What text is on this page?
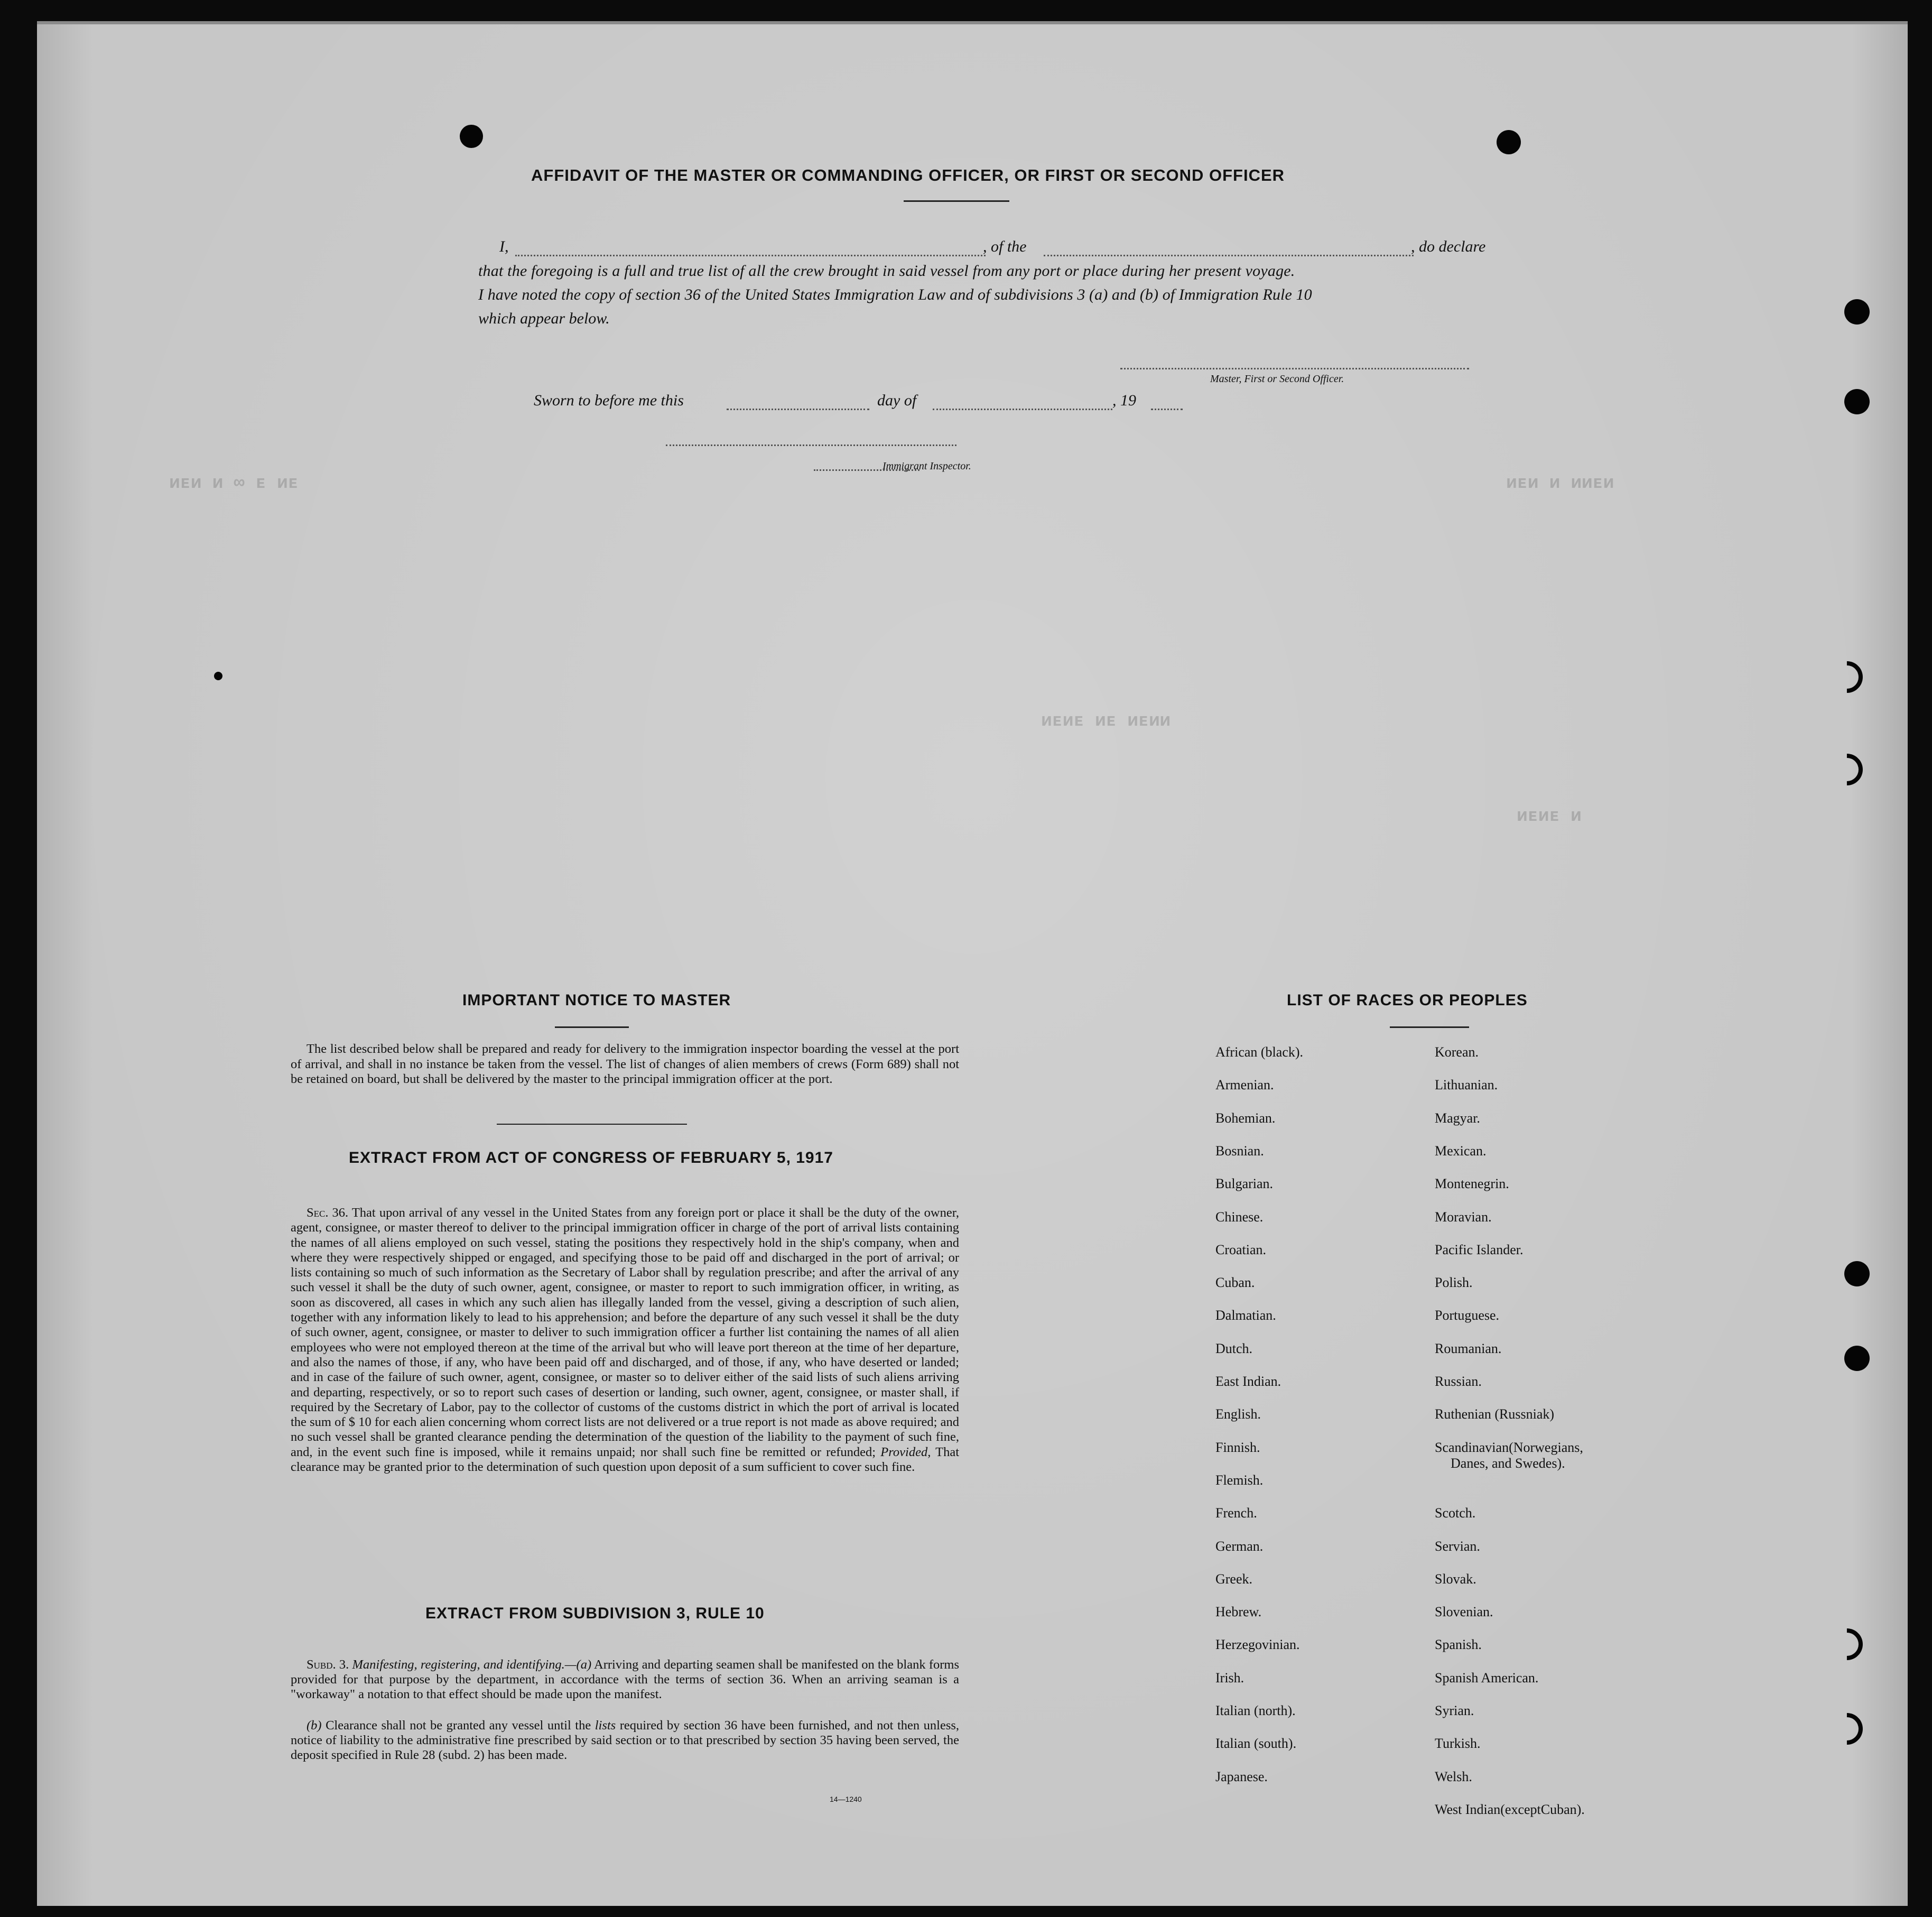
ᴎᴇᴎ ᴎ ∞ ᴇ ᴎᴇ	ᴎᴇᴎ ᴎ ᴎᴎᴇᴎ
ᴎᴇᴎᴇ ᴎᴇ ᴎᴇᴎᴎ
ᴎᴇᴎᴇ ᴎ
AFFIDAVIT OF THE MASTER OR COMMANDING OFFICER, OR FIRST OR SECOND OFFICER
I,	, of the	, do declare
that the foregoing is a full and true list of all the crew brought in said vessel from any port or place during her present voyage.
I have noted the copy of section 36 of the United States Immigration Law and of subdivisions 3 (a) and (b) of Immigration Rule 10
which appear below.
Master, First or Second Officer.
Sworn to before me this	day of	, 19
Immigrant Inspector.
IMPORTANT NOTICE TO MASTER
The list described below shall be prepared and ready for delivery to the immigration inspector boarding the vessel at the port of arrival, and shall in no instance be taken from the vessel. The list of changes of alien members of crews (Form 689) shall not be retained on board, but shall be delivered by the master to the principal immigration officer at the port.
EXTRACT FROM ACT OF CONGRESS OF FEBRUARY 5, 1917
Sec. 36. That upon arrival of any vessel in the United States from any foreign port or place it shall be the duty of the owner, agent, consignee, or master thereof to deliver to the principal immigration officer in charge of the port of arrival lists containing the names of all aliens employed on such vessel, stating the positions they respectively hold in the ship's company, when and where they were respectively shipped or engaged, and specifying those to be paid off and discharged in the port of arrival; or lists containing so much of such information as the Secretary of Labor shall by regulation prescribe; and after the arrival of any such vessel it shall be the duty of such owner, agent, consignee, or master to report to such immigration officer, in writing, as soon as discovered, all cases in which any such alien has illegally landed from the vessel, giving a description of such alien, together with any information likely to lead to his apprehension; and before the departure of any such vessel it shall be the duty of such owner, agent, consignee, or master to deliver to such immigration officer a further list containing the names of all alien employees who were not employed thereon at the time of the arrival but who will leave port thereon at the time of her departure, and also the names of those, if any, who have been paid off and discharged, and of those, if any, who have deserted or landed; and in case of the failure of such owner, agent, consignee, or master so to deliver either of the said lists of such aliens arriving and departing, respectively, or so to report such cases of desertion or landing, such owner, agent, consignee, or master shall, if required by the Secretary of Labor, pay to the collector of customs of the customs district in which the port of arrival is located the sum of $ 10 for each alien concerning whom correct lists are not delivered or a true report is not made as above required; and no such vessel shall be granted clearance pending the determination of the question of the liability to the payment of such fine, and, in the event such fine is imposed, while it remains unpaid; nor shall such fine be remitted or refunded; Provided, That clearance may be granted prior to the determination of such question upon deposit of a sum sufficient to cover such fine.
EXTRACT FROM SUBDIVISION 3, RULE 10
Subd. 3. Manifesting, registering, and identifying.—(a) Arriving and departing seamen shall be manifested on the blank forms provided for that purpose by the department, in accordance with the terms of section 36. When an arriving seaman is a "workaway" a notation to that effect should be made upon the manifest.
(b) Clearance shall not be granted any vessel until the lists required by section 36 have been furnished, and not then unless, notice of liability to the administrative fine prescribed by said section or to that prescribed by section 35 having been served, the deposit specified in Rule 28 (subd. 2) has been made.
14—1240
LIST OF RACES OR PEOPLES
African (black).
Armenian.
Bohemian.
Bosnian.
Bulgarian.
Chinese.
Croatian.
Cuban.
Dalmatian.
Dutch.
East Indian.
English.
Finnish.
Flemish.
French.
German.
Greek.
Hebrew.
Herzegovinian.
Irish.
Italian (north).
Italian (south).
Japanese.
Korean.
Lithuanian.
Magyar.
Mexican.
Montenegrin.
Moravian.
Pacific Islander.
Polish.
Portuguese.
Roumanian.
Russian.
Ruthenian (Russniak)
Scandinavian(Norwegians,
Danes, and Swedes).
Scotch.
Servian.
Slovak.
Slovenian.
Spanish.
Spanish American.
Syrian.
Turkish.
Welsh.
West Indian(exceptCuban).
